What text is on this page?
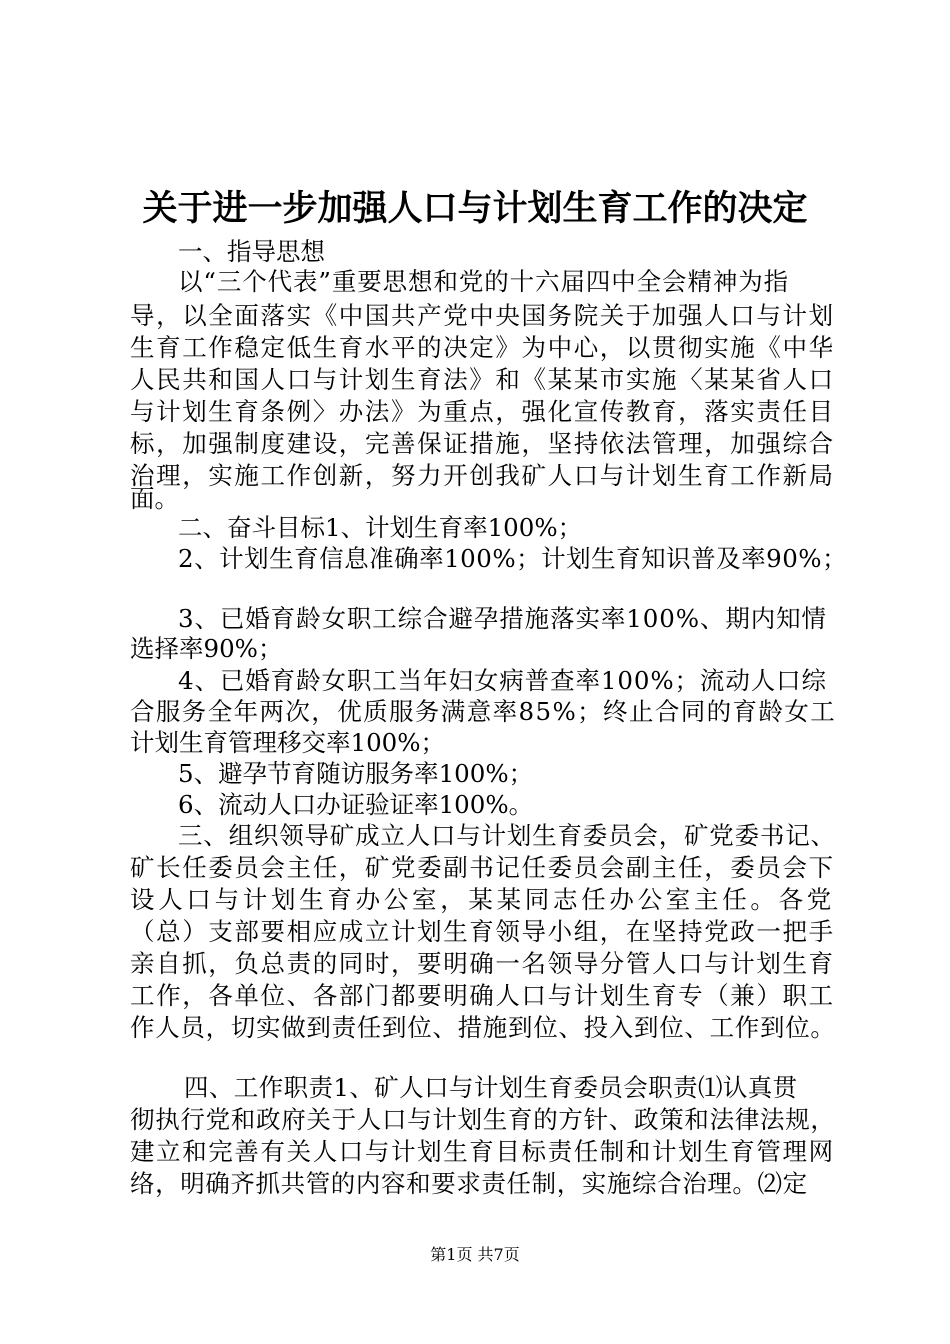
关于进一步加强人口与计划生育工作的决定
一、指导思想
以“三个代表”重要思想和党的十六届四中全会精神为指
导，以全面落实《中国共产党中央国务院关于加强人口与计划
生育工作稳定低生育水平的决定》为中心，以贯彻实施《中华
人民共和国人口与计划生育法》和《某某市实施〈某某省人口
与计划生育条例〉办法》为重点，强化宣传教育，落实责任目
标，加强制度建设，完善保证措施，坚持依法管理，加强综合
治理，实施工作创新，努力开创我矿人口与计划生育工作新局
面。
二、奋斗目标1、计划生育率100%；
2、计划生育信息准确率100%；计划生育知识普及率90%；
3、已婚育龄女职工综合避孕措施落实率100%、期内知情
选择率90%；
4、已婚育龄女职工当年妇女病普查率100%；流动人口综
合服务全年两次，优质服务满意率85%；终止合同的育龄女工
计划生育管理移交率100%；
5、避孕节育随访服务率100%；
6、流动人口办证验证率100%。
三、组织领导矿成立人口与计划生育委员会，矿党委书记、
矿长任委员会主任，矿党委副书记任委员会副主任，委员会下
设人口与计划生育办公室，某某同志任办公室主任。各党
（总）支部要相应成立计划生育领导小组，在坚持党政一把手
亲自抓，负总责的同时，要明确一名领导分管人口与计划生育
工作，各单位、各部门都要明确人口与计划生育专（兼）职工
作人员，切实做到责任到位、措施到位、投入到位、工作到位。
四、工作职责1、矿人口与计划生育委员会职责⑴认真贯
彻执行党和政府关于人口与计划生育的方针、政策和法律法规，
建立和完善有关人口与计划生育目标责任制和计划生育管理网
络，明确齐抓共管的内容和要求责任制，实施综合治理。⑵定
第1页 共7页
